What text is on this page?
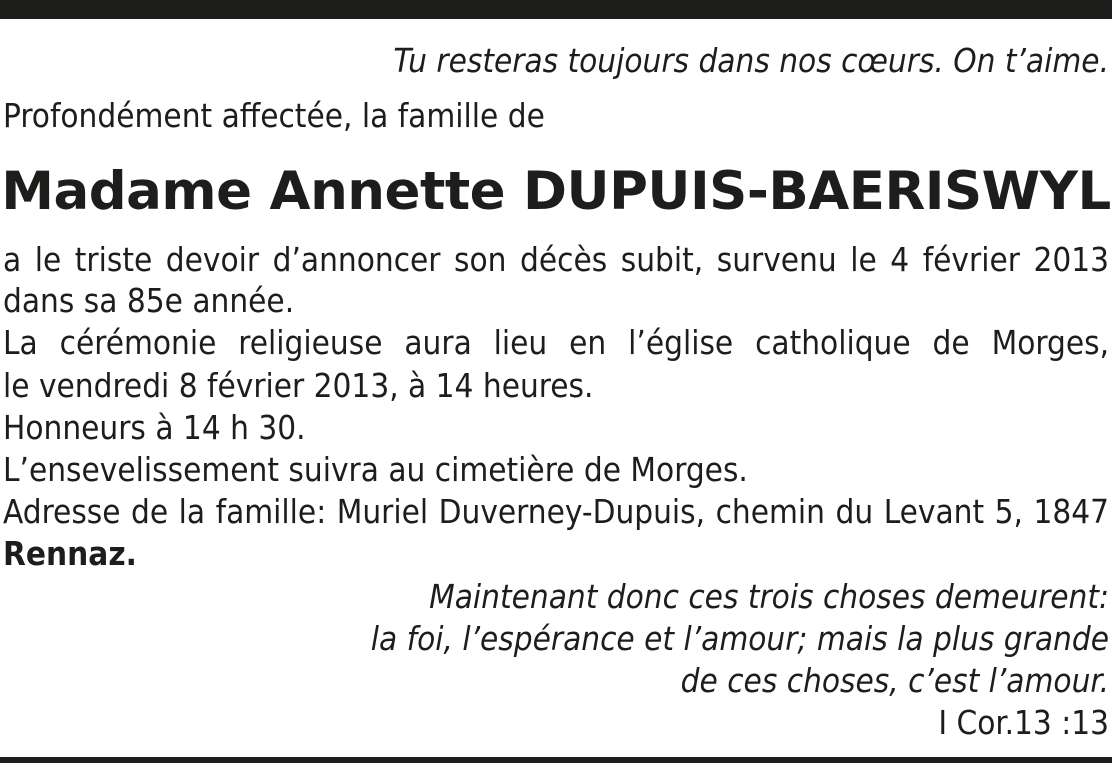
Tu resteras toujours dans nos cœurs. On t’aime.
Profondément affectée, la famille de
Madame Annette DUPUIS-BAERISWYL
a le triste devoir d’annoncer son décès subit, survenu le 4 février 2013
dans sa 85e année.
La cérémonie religieuse aura lieu en l’église catholique de Morges,
le vendredi 8 février 2013, à 14 heures.
Honneurs à 14 h 30.
L’ensevelissement suivra au cimetière de Morges.
Adresse de la famille: Muriel Duverney-Dupuis, chemin du Levant 5, 1847
Rennaz.
Maintenant donc ces trois choses demeurent:
la foi, l’espérance et l’amour; mais la plus grande
de ces choses, c’est l’amour.
I Cor.13 :13
